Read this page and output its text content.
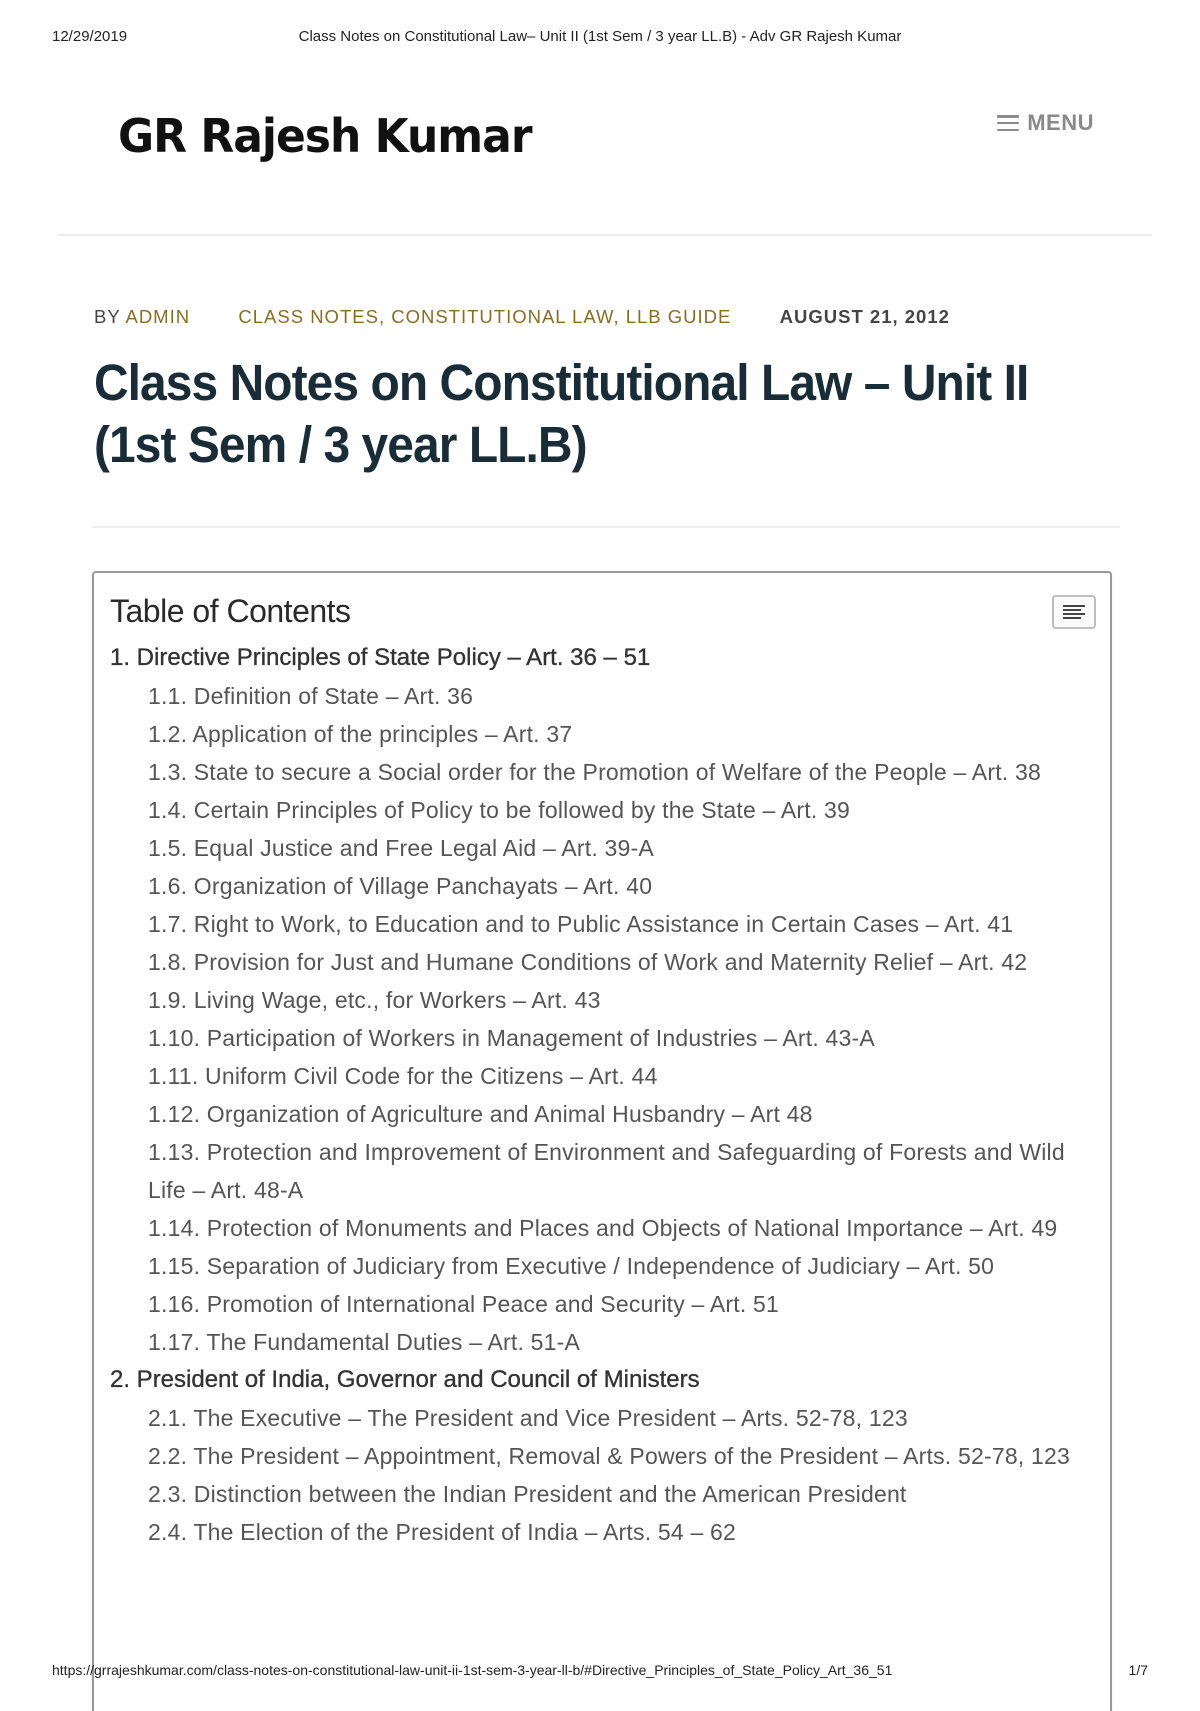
12/29/2019	Class Notes on Constitutional Law– Unit II (1st Sem / 3 year LL.B) - Adv GR Rajesh Kumar
GR Rajesh Kumar	MENU
BY ADMIN	CLASS NOTES, CONSTITUTIONAL LAW, LLB GUIDE	AUGUST 21, 2012
Class Notes on Constitutional Law – Unit II (1st Sem / 3 year LL.B)
Table of Contents
1. Directive Principles of State Policy – Art. 36 – 51
1.1. Definition of State – Art. 36
1.2. Application of the principles – Art. 37
1.3. State to secure a Social order for the Promotion of Welfare of the People – Art. 38
1.4. Certain Principles of Policy to be followed by the State – Art. 39
1.5. Equal Justice and Free Legal Aid – Art. 39-A
1.6. Organization of Village Panchayats – Art. 40
1.7. Right to Work, to Education and to Public Assistance in Certain Cases – Art. 41
1.8. Provision for Just and Humane Conditions of Work and Maternity Relief – Art. 42
1.9. Living Wage, etc., for Workers – Art. 43
1.10. Participation of Workers in Management of Industries – Art. 43-A
1.11. Uniform Civil Code for the Citizens – Art. 44
1.12. Organization of Agriculture and Animal Husbandry – Art 48
1.13. Protection and Improvement of Environment and Safeguarding of Forests and Wild Life – Art. 48-A
1.14. Protection of Monuments and Places and Objects of National Importance – Art. 49
1.15. Separation of Judiciary from Executive / Independence of Judiciary – Art. 50
1.16. Promotion of International Peace and Security – Art. 51
1.17. The Fundamental Duties – Art. 51-A
2. President of India, Governor and Council of Ministers
2.1. The Executive – The President and Vice President – Arts. 52-78, 123
2.2. The President – Appointment, Removal & Powers of the President – Arts. 52-78, 123
2.3. Distinction between the Indian President and the American President
2.4. The Election of the President of India – Arts. 54 – 62
https://grrajeshkumar.com/class-notes-on-constitutional-law-unit-ii-1st-sem-3-year-ll-b/#Directive_Principles_of_State_Policy_Art_36_51	1/7
